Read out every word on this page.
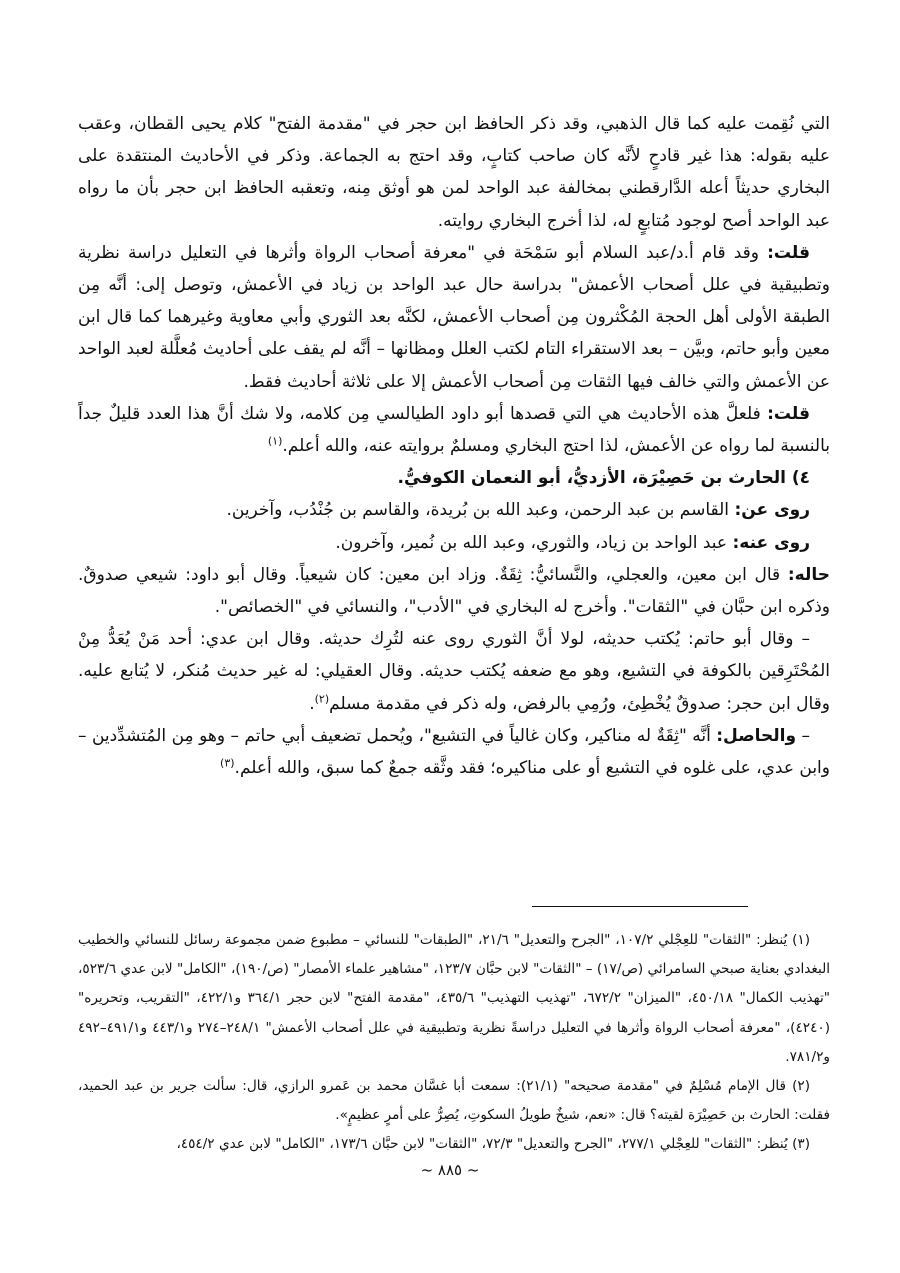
التي نُقِمت عليه كما قال الذهبي، وقد ذكر الحافظ ابن حجر في "مقدمة الفتح" كلام يحيى القطان، وعقب عليه بقوله: هذا غير قادحٍ لأنَّه كان صاحب كتابٍ، وقد احتج به الجماعة. وذكر في الأحاديث المنتقدة على البخاري حديثاً أعله الدَّارقطني بمخالفة عبد الواحد لمن هو أوثق مِنه، وتعقبه الحافظ ابن حجر بأن ما رواه عبد الواحد أصح لوجود مُتابعٍ له، لذا أخرج البخاري روايته.

قلت: وقد قام أ.د/عبد السلام أبو سَمْحَة في "معرفة أصحاب الرواة وأثرها في التعليل دراسة نظرية وتطبيقية في علل أصحاب الأعمش" بدراسة حال عبد الواحد بن زياد في الأعمش، وتوصل إلى: أنَّه مِن الطبقة الأولى أهل الحجة المُكْثرون مِن أصحاب الأعمش، لكنَّه بعد الثوري وأبي معاوية وغيرهما كما قال ابن معين وأبو حاتم، وبيَّن – بعد الاستقراء التام لكتب العلل ومظانها – أنَّه لم يقف على أحاديث مُعلَّلة لعبد الواحد عن الأعمش والتي خالف فيها الثقات مِن أصحاب الأعمش إلا على ثلاثة أحاديث فقط.

قلت: فلعلَّ هذه الأحاديث هي التي قصدها أبو داود الطيالسي مِن كلامه، ولا شك أنَّ هذا العدد قليلٌ جداً بالنسبة لما رواه عن الأعمش، لذا احتج البخاري ومسلمٌ بروايته عنه، والله أعلم.$^{(١)}$

٤) الحارث بن حَصِيْرَة، الأزديُّ، أبو النعمان الكوفيُّ.

روى عن: القاسم بن عبد الرحمن، وعبد الله بن بُريدة، والقاسم بن جُنْدُب، وآخرين.

روى عنه: عبد الواحد بن زياد، والثوري، وعبد الله بن نُمير، وآخرون.

حاله: قال ابن معين، والعجلي، والنَّسائيُّ: ثِقَةٌ. وزاد ابن معين: كان شيعياً. وقال أبو داود: شيعي صدوقٌ. وذكره ابن حبَّان في "الثقات". وأخرج له البخاري في "الأدب"، والنسائي في "الخصائص".

– وقال أبو حاتم: يُكتب حديثه، لولا أنَّ الثوري روى عنه لتُرِك حديثه. وقال ابن عدي: أحد مَنْ يُعَدُّ مِنْ المُحْتَرِقين بالكوفة في التشيع، وهو مع ضعفه يُكتب حديثه. وقال العقيلي: له غير حديث مُنكر، لا يُتابع عليه. وقال ابن حجر: صدوقٌ يُخْطِئ، ورُمِي بالرفض، وله ذكر في مقدمة مسلم$^{(٢)}$.

– والحاصل: أنَّه "ثِقَةٌ له مناكير، وكان غالياً في التشيع"، ويُحمل تضعيف أبي حاتم – وهو مِن المُتشدِّدين – وابن عدي، على غلوه في التشيع أو على مناكيره؛ فقد وثَّقه جمعٌ كما سبق، والله أعلم.$^{(٣)}$

(١) يُنظر: "الثقات" للعِجْلي ١٠٧/٢، "الجرح والتعديل" ٢١/٦، "الطبقات" للنسائي – مطبوع ضمن مجموعة رسائل للنسائي والخطيب البغدادي بعناية صبحي السامرائي (ص/١٧) – "الثقات" لابن حبَّان ١٢٣/٧، "مشاهير علماء الأمصار" (ص/١٩٠)، "الكامل" لابن عدي ٥٢٣/٦، "تهذيب الكمال" ٤٥٠/١٨، "الميزان" ٦٧٢/٢، "تهذيب التهذيب" ٤٣٥/٦، "مقدمة الفتح" لابن حجر ٣٦٤/١ و٤٢٢/١، "التقريب، وتحريره" (٤٢٤٠)، "معرفة أصحاب الرواة وأثرها في التعليل دراسةً نظرية وتطبيقية في علل أصحاب الأعمش" ٢٤٨/١–٢٧٤ و٤٤٣/١ و٤٩١/١–٤٩٢ و٧٨١/٢.

(٢) قال الإمام مُسْلِمٌ في "مقدمة صحيحه" (٢١/١): سمعت أبا غسَّان محمد بن عَمرو الرازي، قال: سألت جرير بن عبد الحميد، فقلت: الحارث بن حَصِيْرَة لقيته؟ قال: «نعم، شيخٌ طويلُ السكوتِ، يُصِرُّ على أمرٍ عظيمٍ».

(٣) يُنظر: "الثقات" للعِجْلي ٢٧٧/١، "الجرح والتعديل" ٧٢/٣، "الثقات" لابن حبَّان ١٧٣/٦، "الكامل" لابن عدي ٤٥٤/٢،

~ ٨٨٥ ~
